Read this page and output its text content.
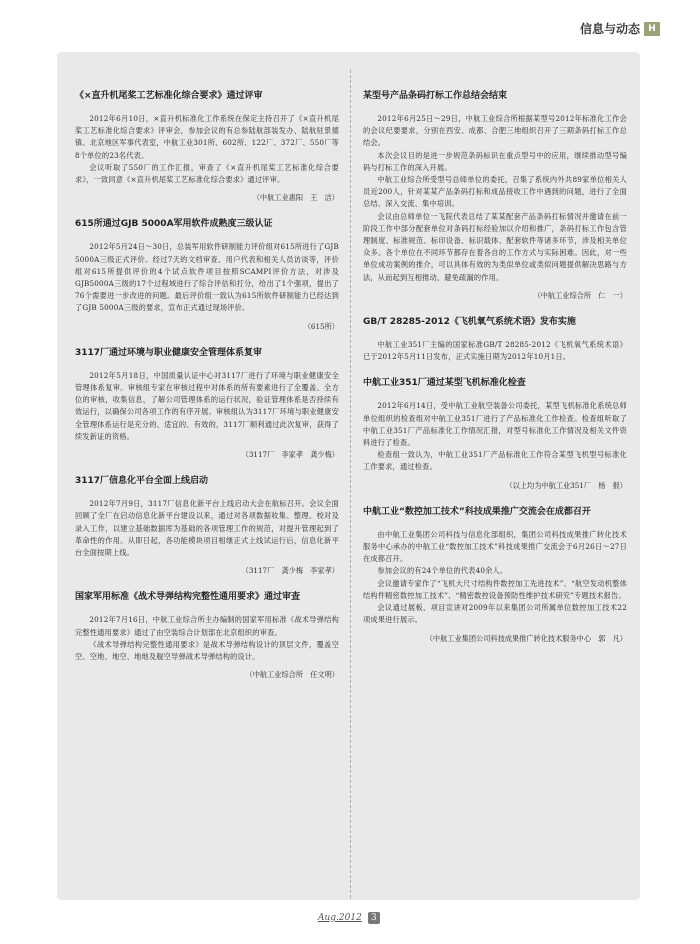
信息与动态 H
《×直升机尾桨工艺标准化综合要求》通过评审

2012年6月10日，×直升机标准化工作系统在保定主持召开了《×直升机尾桨工艺标准化综合要求》评审会，参加会议的有总参陆航部装发办、陆航驻景德镇、北京地区军事代表室，中航工业301所、602所、122厂、372厂、550厂等8个单位的23名代表。

会议听取了550厂的工作汇报，审查了《×直升机尾桨工艺标准化综合要求》，一致同意《×直升机尾桨工艺标准化综合要求》通过评审。

（中航工业惠阳　王　洁）

615所通过GJB 5000A军用软件成熟度三级认证

2012年5月24日～30日，总装军用软件研制能力评价组对615所进行了GJB 5000A三级正式评价。经过7天的文档审查、用户代表和相关人员访谈等，评价组对615所提供评价的4个试点软件项目按照SCAMPI评价方法，对涉及GJB5000A三级的17个过程域进行了综合评估和打分，给出了1个强项，提出了76个需要进一步改进的问题。最后评价组一致认为615所软件研制能力已经达到了GJB 5000A三级的要求，宣布正式通过现场评价。

（615所）

3117厂通过环境与职业健康安全管理体系复审

2012年5月18日，中国质量认证中心对3117厂进行了环境与职业健康安全管理体系复审。审核组专家在审核过程中对体系的所有要素进行了全覆盖、全方位的审核，收集信息，了解公司管理体系的运行状况，验证管理体系是否持续有效运行，以确保公司各项工作的有序开展。审核组认为3117厂环境与职业健康安全管理体系运行是充分的、适宜的、有效的，3117厂顺利通过此次复审，获得了续发新证的资格。

（3117厂　李家孝　龚少梅）

3117厂信息化平台全面上线启动

2012年7月9日，3117厂信息化新平台上线启动大会在航标召开。会议全面回顾了全厂在启动信息化新平台建设以来，通过对各项数据收集、整理、校对及录入工作，以建立基础数据库为基础的各项管理工作的规范，对提升管理起到了革命性的作用。从即日起，各功能模块项目相继正式上线试运行后，信息化新平台全面按期上线。

（3117厂　龚少梅　李家孝）

国家军用标准《战术导弹结构完整性通用要求》通过审查

2012年7月16日，中航工业综合所主办编制的国家军用标准《战术导弹结构完整性通用要求》通过了由空装综合计划部在北京组织的审查。

《战术导弹结构完整性通用要求》是战术导弹结构设计的顶层文件，覆盖空空、空地、地空、地地及舰空导弹战术导弹结构的设计。

（中航工业综合所　任文明）

某型号产品条码打标工作总结会结束

2012年6月25日～29日，中航工业综合所根据某型号2012年标准化工作会的会议纪要要求，分别在西安、成都、合肥三地组织召开了三期条码打标工作总结会。

本次会议目的是进一步规范条码标识在重点型号中的应用，继续推动型号编码与打标工作的深入开展。

中航工业综合所受型号总师单位的委托，召集了系统内外共89家单位相关人员近200人，针对某某产品条码打标和成品接收工作中遇到的问题，进行了全面总结、深入交流、集中培训。

会议由总师单位一飞院代表总结了某某配套产品条码打标情况并邀请在前一阶段工作中部分配套单位对条码打标经验加以介绍和推广，条码打标工作包含管理制度、标准规范、标印设备、标识载体、配套软件等诸多环节，涉及相关单位众多。各个单位在不同环节都存在着各自的工作方式与实际困难。因此，对一些单位成功案例的推介，可以具体有效的为类似单位或类似问题提供解决思路与方法，从而起到互相推动，避免疏漏的作用。

（中航工业综合所　仁　一）

GB/T 28285-2012《飞机氧气系统术语》发布实施

中航工业351厂主编的国家标准GB/T 28285-2012《飞机氧气系统术语》已于2012年5月11日发布，正式实施日期为2012年10月1日。

中航工业351厂通过某型飞机标准化检查

2012年6月14日，受中航工业航空装备公司委托，某型飞机标准化系统总师单位组织的检查组对中航工业351厂进行了产品标准化工作检查。检查组听取了中航工业351厂产品标准化工作情况汇报，对型号标准化工作情况及相关文件资料进行了检查。

检查组一致认为，中航工业351厂产品标准化工作符合某型飞机型号标准化工作要求，通过检查。

（以上均为中航工业351厂　杨　报）

中航工业“数控加工技术”科技成果推广交流会在成都召开

由中航工业集团公司科技与信息化部组织，集团公司科技成果推广转化技术服务中心承办的中航工业“数控加工技术”科技成果推广交流会于6月26日～27日在成都召开。

参加会议的有24个单位的代表40余人。

会议邀请专家作了“飞机大尺寸结构件数控加工先进技术”、“航空发动机整体结构件精密数控加工技术”、“精密数控设备预防性维护技术研究”专题技术报告。

会议通过展板、项目宣讲对2009年以来集团公司所属单位数控加工技术22项成果进行展示。

（中航工业集团公司科技成果推广转化技术服务中心　郭　凡）

Aug.2012	3
